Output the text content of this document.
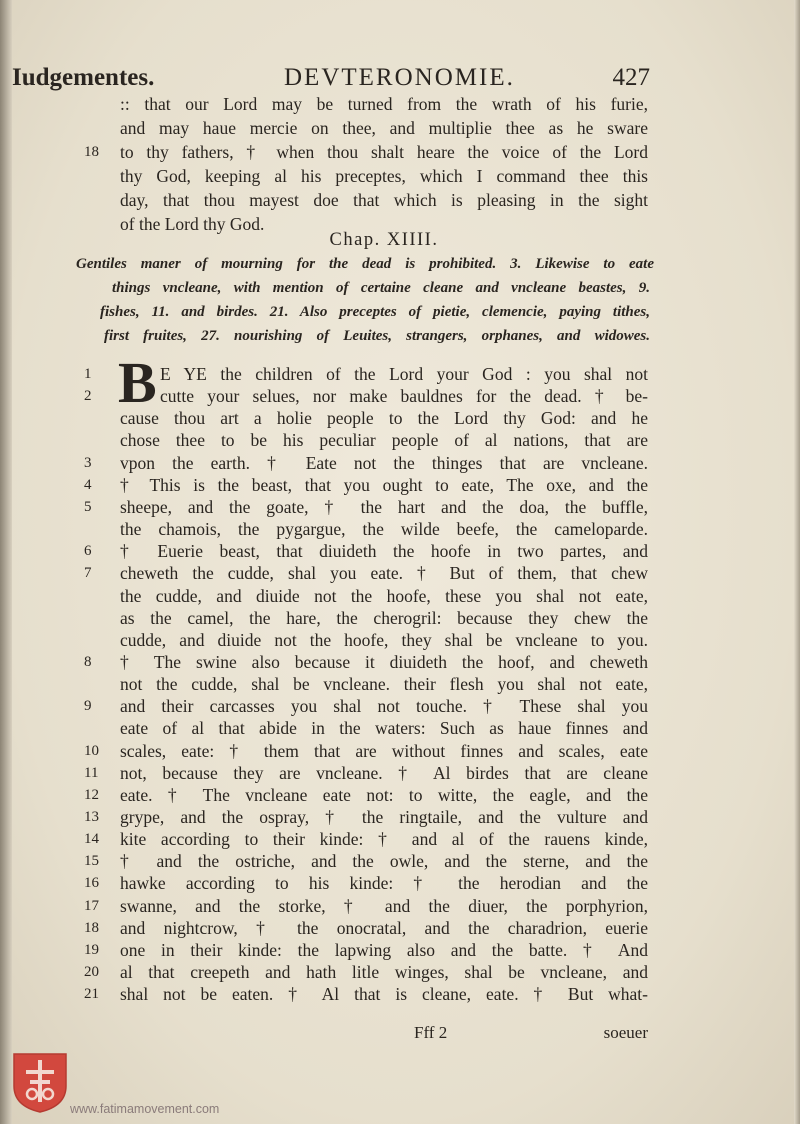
Iudgementes.	DEVTERONOMIE.	427
:: that our Lord may be turned from the wrath of his furie,
and may haue mercie on thee, and multiplie thee as he sware
to thy fathers, † when thou shalt heare the voice of the Lord
18
thy God, keeping al his preceptes, which I command thee this
day, that thou mayest doe that which is pleasing in the sight
of the Lord thy God.
Chap. XIIII.
Gentiles maner of mourning for the dead is prohibited. 3. Likewise to eate
things vncleane, with mention of certaine cleane and vncleane beastes, 9.
fishes, 11. and birdes. 21. Also preceptes of pietie, clemencie, paying tithes,
first fruites, 27. nourishing of Leuites, strangers, orphanes, and widowes.
B E YE the children of the Lord your God : you shal not
1
cutte your selues, nor make bauldnes for the dead. † be-
2
cause thou art a holie people to the Lord thy God: and he
chose thee to be his peculiar people of al nations, that are
vpon the earth. † Eate not the thinges that are vncleane.
3
† This is the beast, that you ought to eate, The oxe, and the
4
sheepe, and the goate, † the hart and the doa, the buffle,
5
the chamois, the pygargue, the wilde beefe, the cameloparde.
† Euerie beast, that diuideth the hoofe in two partes, and
6
cheweth the cudde, shal you eate. † But of them, that chew
7
the cudde, and diuide not the hoofe, these you shal not eate,
as the camel, the hare, the cherogril: because they chew the
cudde, and diuide not the hoofe, they shal be vncleane to you.
† The swine also because it diuideth the hoof, and cheweth
8
not the cudde, shal be vncleane. their flesh you shal not eate,
and their carcasses you shal not touche. † These shal you
9
eate of al that abide in the waters: Such as haue finnes and
scales, eate: † them that are without finnes and scales, eate
10
not, because they are vncleane. † Al birdes that are cleane
11
eate. † The vncleane eate not: to witte, the eagle, and the
12
grype, and the ospray, † the ringtaile, and the vulture and
13
kite according to their kinde: † and al of the rauens kinde,
14
† and the ostriche, and the owle, and the sterne, and the
15
hawke according to his kinde: † the herodian and the
16
swanne, and the storke, † and the diuer, the porphyrion,
17
and nightcrow, † the onocratal, and the charadrion, euerie
18
one in their kinde: the lapwing also and the batte. † And
19
al that creepeth and hath litle winges, shal be vncleane, and
20
shal not be eaten. † Al that is cleane, eate. † But what-
21
Fff 2	soeuer
www.fatimamovement.com
